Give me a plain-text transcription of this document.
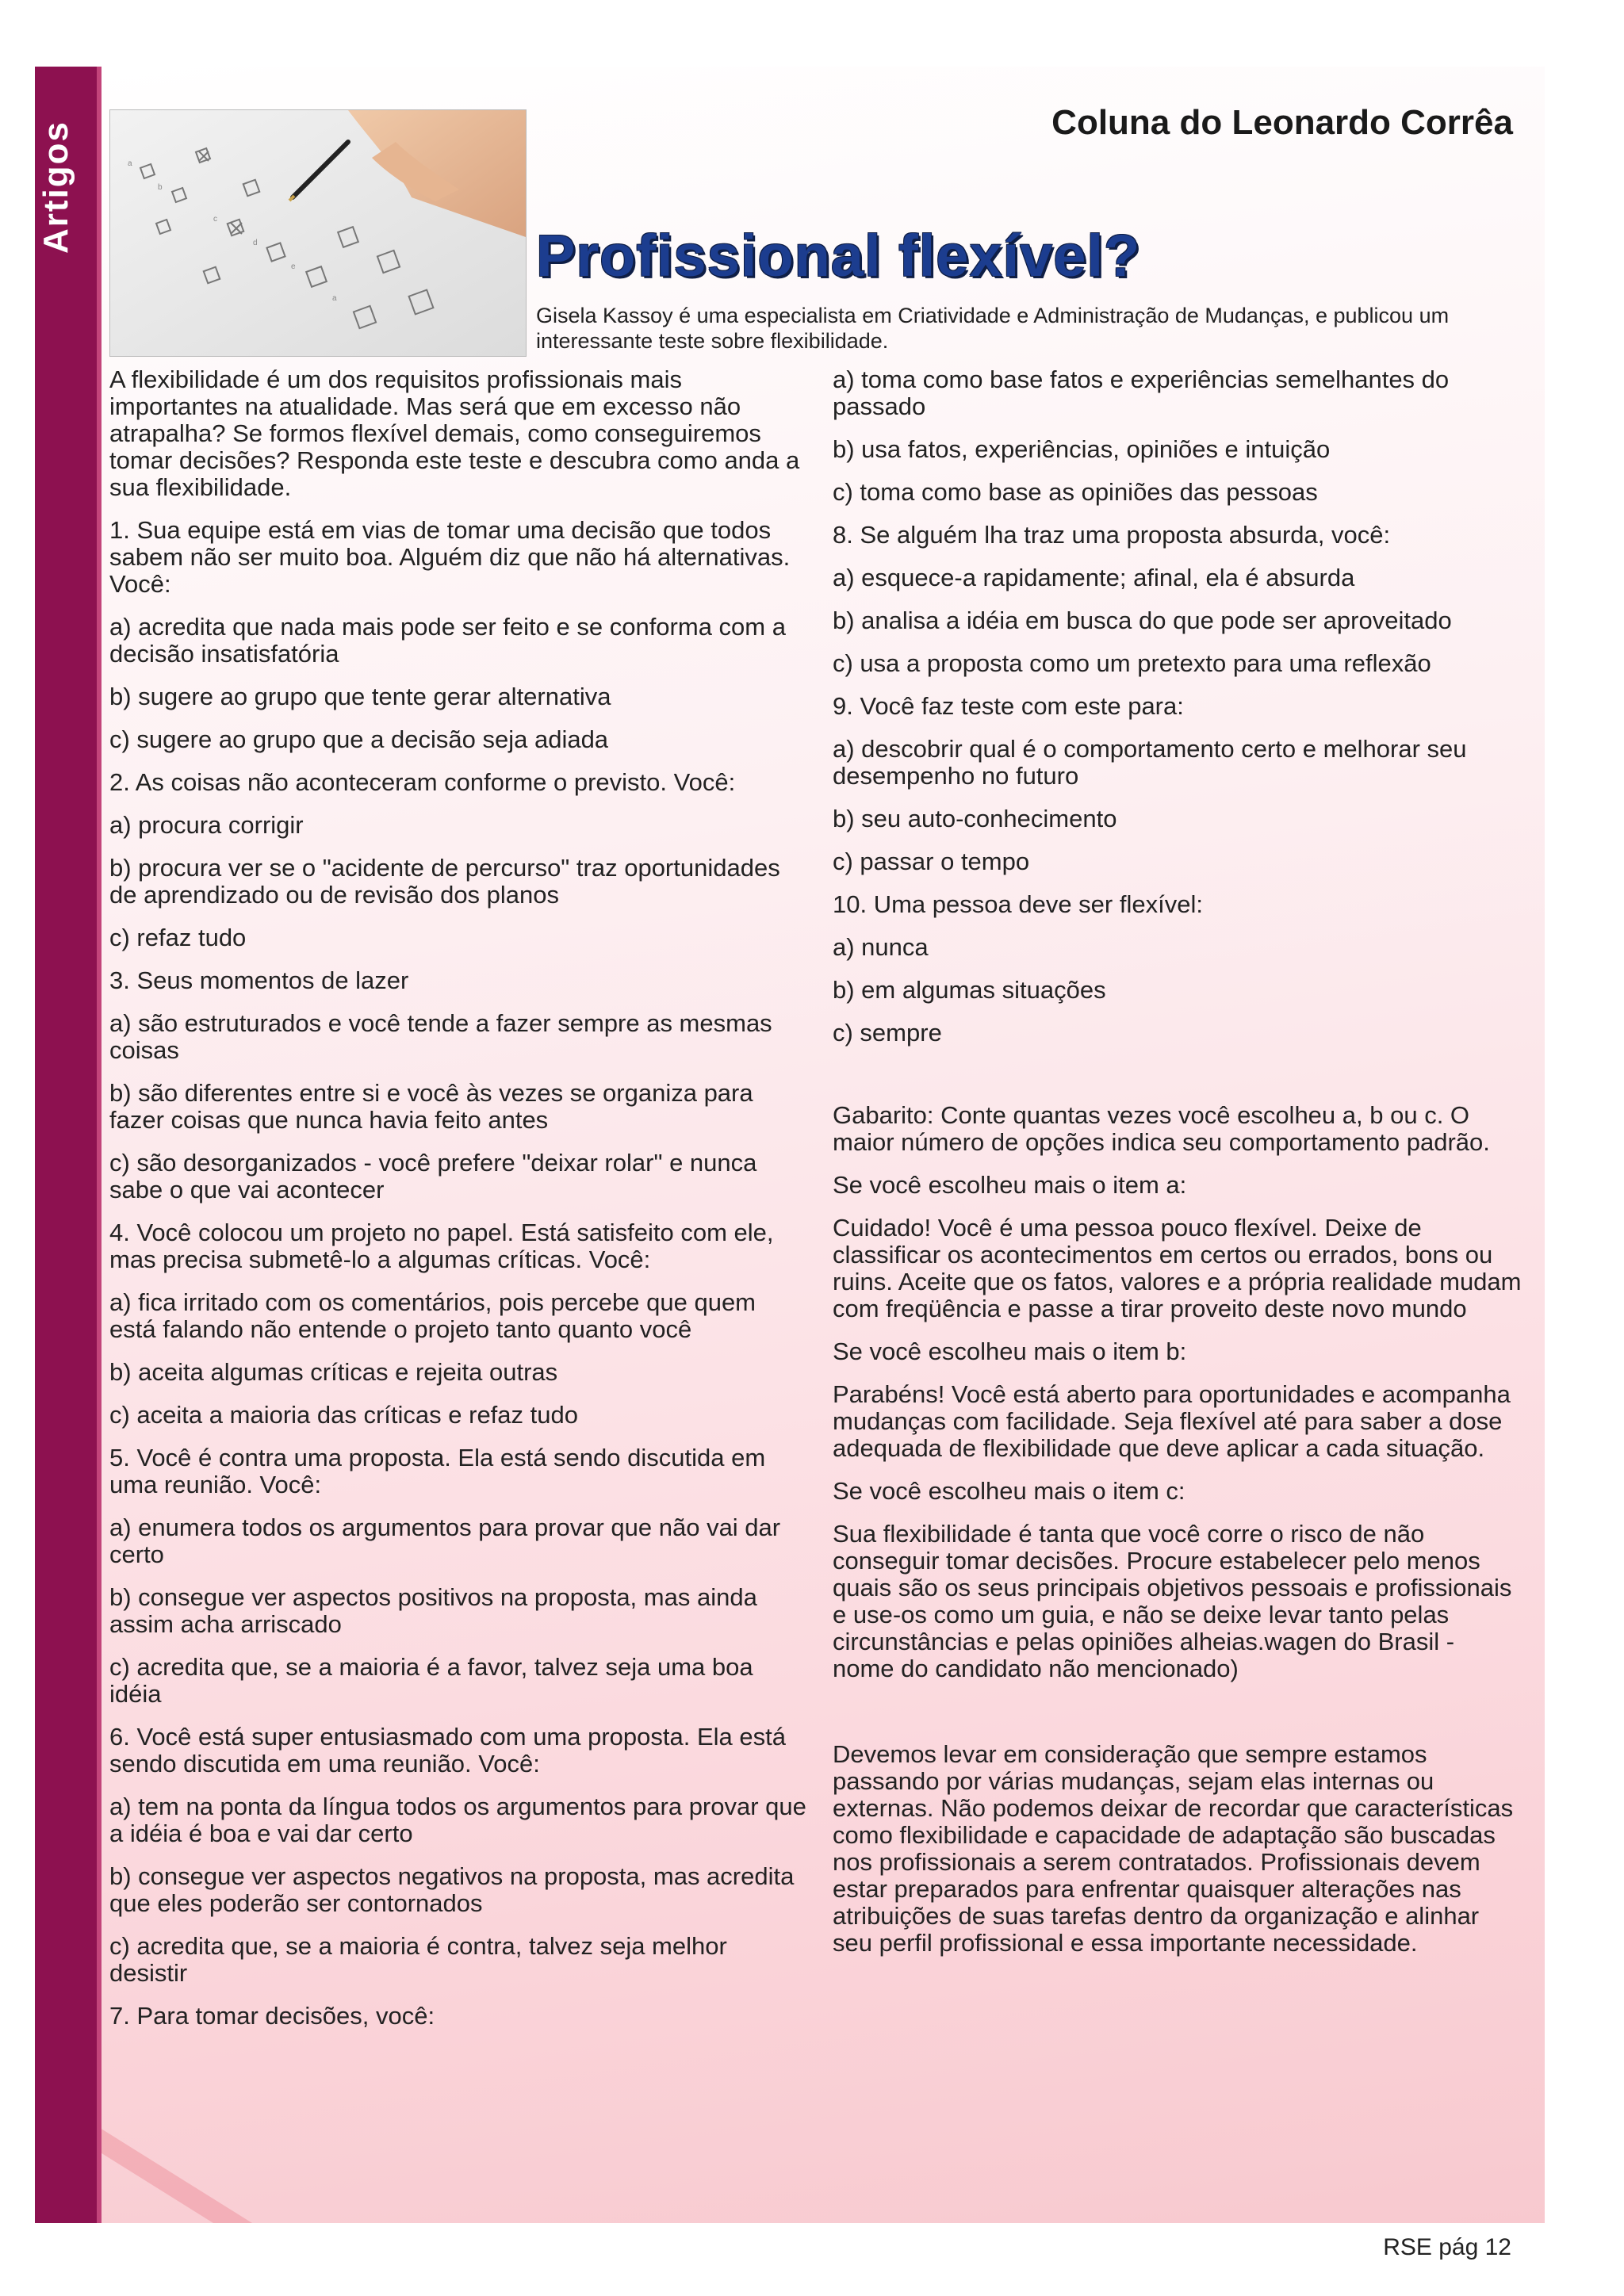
Artigos	a
b
c
d
e
a
Coluna do Leonardo Corrêa
Profissional flexível?
Gisela Kassoy é uma especialista em Criatividade e Administração de Mudanças, e publicou um interessante teste sobre flexibilidade.

A flexibilidade é um dos requisitos profissionais mais importantes na atualidade. Mas será que em excesso não atrapalha? Se formos flexível demais, como conseguiremos tomar decisões? Responda este teste e descubra como anda a sua flexibilidade.

1. Sua equipe está em vias de tomar uma decisão que todos sabem não ser muito boa. Alguém diz que não há alternativas. Você:

a) acredita que nada mais pode ser feito e se conforma com a decisão insatisfatória

b) sugere ao grupo que tente gerar alternativa

c) sugere ao grupo que a decisão seja adiada

2. As coisas não aconteceram conforme o previsto. Você:

a) procura corrigir

b) procura ver se o "acidente de percurso" traz oportunidades de aprendizado ou de revisão dos planos

c) refaz tudo

3. Seus momentos de lazer

a) são estruturados e você tende a fazer sempre as mesmas coisas

b) são diferentes entre si e você às vezes se organiza para fazer coisas que nunca havia feito antes

c) são desorganizados - você prefere "deixar rolar" e nunca sabe o que vai acontecer

4. Você colocou um projeto no papel. Está satisfeito com ele, mas precisa submetê-lo a algumas críticas. Você:

a) fica irritado com os comentários, pois percebe que quem está falando não entende o projeto tanto quanto você

b) aceita algumas críticas e rejeita outras

c) aceita a maioria das críticas e refaz tudo

5. Você é contra uma proposta. Ela está sendo discutida em uma reunião. Você:

a) enumera todos os argumentos para provar que não vai dar certo

b) consegue ver aspectos positivos na proposta, mas ainda assim acha arriscado

c) acredita que, se a maioria é a favor, talvez seja uma boa idéia

6. Você está super entusiasmado com uma proposta. Ela está sendo discutida em uma reunião. Você:

a) tem na ponta da língua todos os argumentos para provar que a idéia é boa e vai dar certo

b) consegue ver aspectos negativos na proposta, mas acredita que eles poderão ser contornados

c) acredita que, se a maioria é contra, talvez seja melhor desistir

7. Para tomar decisões, você:

a) toma como base fatos e experiências semelhantes do passado

b) usa fatos, experiências, opiniões e intuição

c) toma como base as opiniões das pessoas

8. Se alguém lha traz uma proposta absurda, você:

a) esquece-a rapidamente; afinal, ela é absurda

b) analisa a idéia em busca do que pode ser aproveitado

c) usa a proposta como um pretexto para uma reflexão

9. Você faz teste com este para:

a) descobrir qual é o comportamento certo e melhorar seu desempenho no futuro

b) seu auto-conhecimento

c) passar o tempo

10. Uma pessoa deve ser flexível:

a) nunca

b) em algumas situações

c) sempre

Gabarito: Conte quantas vezes você escolheu a, b ou c. O maior número de opções indica seu comportamento padrão.

Se você escolheu mais o item a:

Cuidado! Você é uma pessoa pouco flexível. Deixe de classificar os acontecimentos em certos ou errados, bons ou ruins. Aceite que os fatos, valores e a própria realidade mudam com freqüência e passe a tirar proveito deste novo mundo

Se você escolheu mais o item b:

Parabéns! Você está aberto para oportunidades e acompanha mudanças com facilidade. Seja flexível até para saber a dose adequada de flexibilidade que deve aplicar a cada situação.

Se você escolheu mais o item c:

Sua flexibilidade é tanta que você corre o risco de não conseguir tomar decisões. Procure estabelecer pelo menos quais são os seus principais objetivos pessoais e profissionais e use-os como um guia, e não se deixe levar tanto pelas circunstâncias e pelas opiniões alheias.wagen do Brasil - nome do candidato não mencionado)

Devemos levar em consideração que sempre estamos passando por várias mudanças, sejam elas internas ou externas. Não podemos deixar de recordar que características como flexibilidade e capacidade de adaptação são buscadas nos profissionais a serem contratados. Profissionais devem estar preparados para enfrentar quaisquer alterações nas atribuições de suas tarefas dentro da organização e alinhar seu perfil profissional e essa importante necessidade.

RSE pág 12
